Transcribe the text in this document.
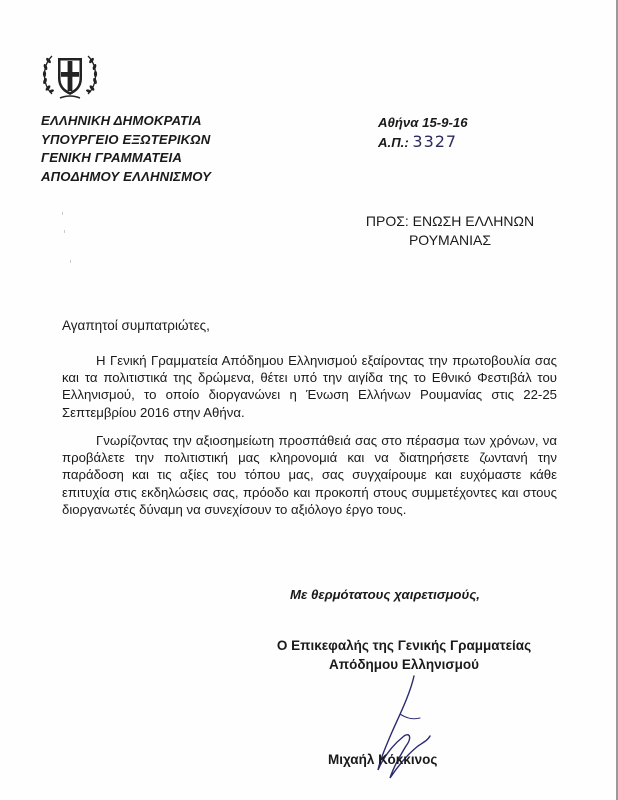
ΕΛΛΗΝΙΚΗ ΔΗΜΟΚΡΑΤΙΑ
ΥΠΟΥΡΓΕΙΟ ΕΞΩΤΕΡΙΚΩΝ
ΓΕΝΙΚΗ ΓΡΑΜΜΑΤΕΙΑ
ΑΠΟΔΗΜΟΥ ΕΛΛΗΝΙΣΜΟΥ
Αθήνα 15-9-16
Α.Π.: 3327
ΠΡΟΣ: ΕΝΩΣΗ ΕΛΛΗΝΩΝ
ΡΟΥΜΑΝΙΑΣ
Αγαπητοί συμπατριώτες,
Η Γενική Γραμματεία Απόδημου Ελληνισμού εξαίροντας την πρωτοβουλία σας και τα πολιτιστικά της δρώμενα, θέτει υπό την αιγίδα της το Εθνικό Φεστιβάλ του Ελληνισμού, το οποίο διοργανώνει η Ένωση Ελλήνων Ρουμανίας στις 22-25 Σεπτεμβρίου 2016 στην Αθήνα.
Γνωρίζοντας την αξιοσημείωτη προσπάθειά σας στο πέρασμα των χρόνων, να προβάλετε την πολιτιστική μας κληρονομιά και να διατηρήσετε ζωντανή την παράδοση και τις αξίες του τόπου μας, σας συγχαίρουμε και ευχόμαστε κάθε επιτυχία στις εκδηλώσεις σας, πρόοδο και προκοπή στους συμμετέχοντες και στους διοργανωτές δύναμη να συνεχίσουν το αξιόλογο έργο τους.
Με θερμότατους χαιρετισμούς,
Ο Επικεφαλής της Γενικής Γραμματείας
Απόδημου Ελληνισμού
Μιχαήλ Κόκκινος
